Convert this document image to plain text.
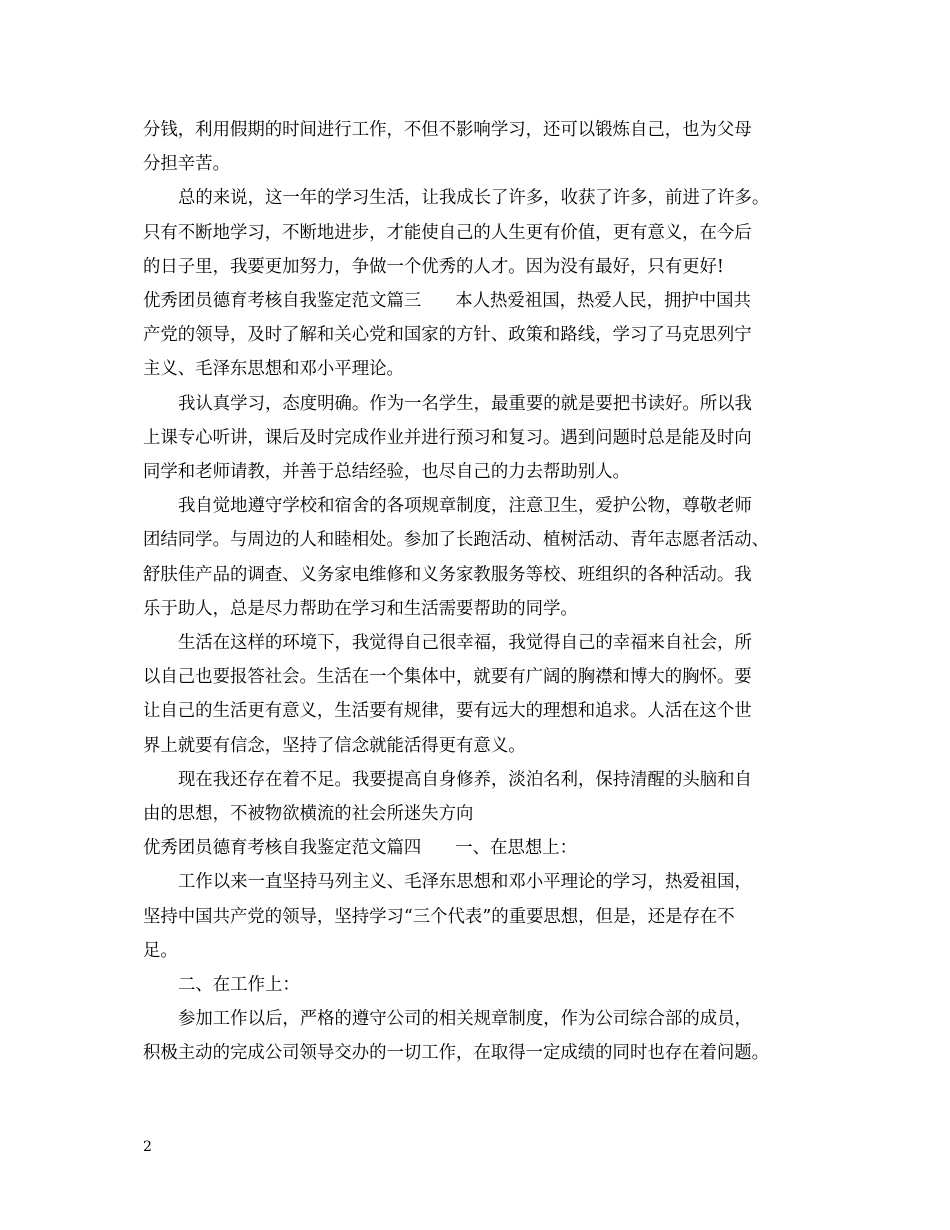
分钱，利用假期的时间进行工作，不但不影响学习，还可以锻炼自己，也为父母

分担辛苦。

总的来说，这一年的学习生活，让我成长了许多，收获了许多，前进了许多。

只有不断地学习，不断地进步，才能使自己的人生更有价值，更有意义，在今后

的日子里，我要更加努力，争做一个优秀的人才。因为没有最好，只有更好!

优秀团员德育考核自我鉴定范文篇三 本人热爱祖国，热爱人民，拥护中国共

产党的领导，及时了解和关心党和国家的方针、政策和路线，学习了马克思列宁

主义、毛泽东思想和邓小平理论。

我认真学习，态度明确。作为一名学生，最重要的就是要把书读好。所以我

上课专心听讲，课后及时完成作业并进行预习和复习。遇到问题时总是能及时向

同学和老师请教，并善于总结经验，也尽自己的力去帮助别人。

我自觉地遵守学校和宿舍的各项规章制度，注意卫生，爱护公物，尊敬老师

团结同学。与周边的人和睦相处。参加了长跑活动、植树活动、青年志愿者活动、

舒肤佳产品的调查、义务家电维修和义务家教服务等校、班组织的各种活动。我

乐于助人，总是尽力帮助在学习和生活需要帮助的同学。

生活在这样的环境下，我觉得自己很幸福，我觉得自己的幸福来自社会，所

以自己也要报答社会。生活在一个集体中，就要有广阔的胸襟和博大的胸怀。要

让自己的生活更有意义，生活要有规律，要有远大的理想和追求。人活在这个世

界上就要有信念，坚持了信念就能活得更有意义。

现在我还存在着不足。我要提高自身修养，淡泊名利，保持清醒的头脑和自

由的思想，不被物欲横流的社会所迷失方向

优秀团员德育考核自我鉴定范文篇四 一、在思想上：

工作以来一直坚持马列主义、毛泽东思想和邓小平理论的学习，热爱祖国，

坚持中国共产党的领导，坚持学习“三个代表”的重要思想，但是，还是存在不

足。

二、在工作上：

参加工作以后，严格的遵守公司的相关规章制度，作为公司综合部的成员，

积极主动的完成公司领导交办的一切工作，在取得一定成绩的同时也存在着问题。

2
